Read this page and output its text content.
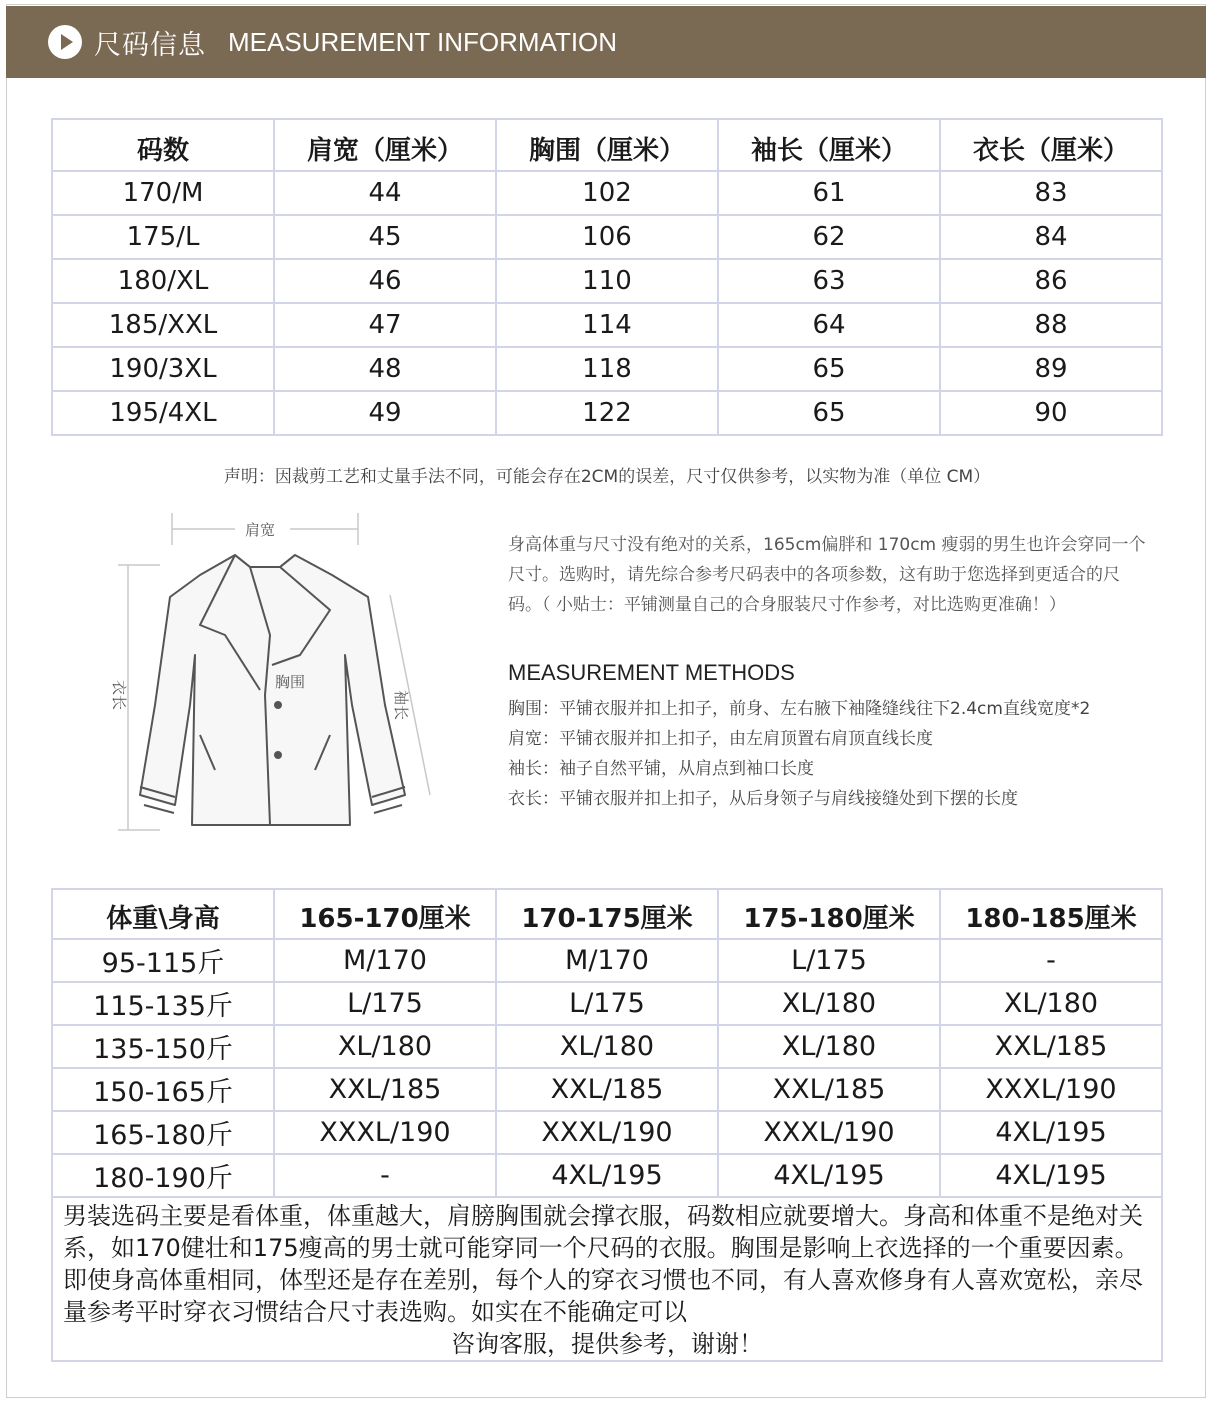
尺码信息 MEASUREMENT INFORMATION
码数	肩宽（厘米）	胸围（厘米）	袖长（厘米）	衣长（厘米）
170/M	44	102	61	83
175/L	45	106	62	84
180/XL	46	110	63	86
185/XXL	47	114	64	88
190/3XL	48	118	65	89
195/4XL	49	122	65	90
声明：因裁剪工艺和丈量手法不同，可能会存在2CM的误差，尺寸仅供参考，以实物为准（单位 CM）
肩宽
胸围
衣长	袖长

身高体重与尺寸没有绝对的关系，165cm偏胖和 170cm 瘦弱的男生也许会穿同一个尺寸。选购时，请先综合参考尺码表中的各项参数，这有助于您选择到更适合的尺码。（ 小贴士：平铺测量自己的合身服装尺寸作参考，对比选购更准确！）

MEASUREMENT METHODS
胸围：平铺衣服并扣上扣子，前身、左右腋下袖隆缝线往下2.4cm直线宽度*2
肩宽：平铺衣服并扣上扣子，由左肩顶置右肩顶直线长度
袖长：袖子自然平铺，从肩点到袖口长度
衣长：平铺衣服并扣上扣子，从后身领子与肩线接缝处到下摆的长度
体重\身高	165-170厘米	170-175厘米	175-180厘米	180-185厘米
95-115斤	M/170	M/170	L/175	-
115-135斤	L/175	L/175	XL/180	XL/180
135-150斤	XL/180	XL/180	XL/180	XXL/185
150-165斤	XXL/185	XXL/185	XXL/185	XXXL/190
165-180斤	XXXL/190	XXXL/190	XXXL/190	4XL/195
180-190斤	-	4XL/195	4XL/195	4XL/195
男装选码主要是看体重，体重越大，肩膀胸围就会撑衣服，码数相应就要增大。身高和体重不是绝对关系，如170健壮和175瘦高的男士就可能穿同一个尺码的衣服。胸围是影响上衣选择的一个重要因素。即使身高体重相同，体型还是存在差别，每个人的穿衣习惯也不同，有人喜欢修身有人喜欢宽松，亲尽量参考平时穿衣习惯结合尺寸表选购。如实在不能确定可以
咨询客服，提供参考，谢谢！				
